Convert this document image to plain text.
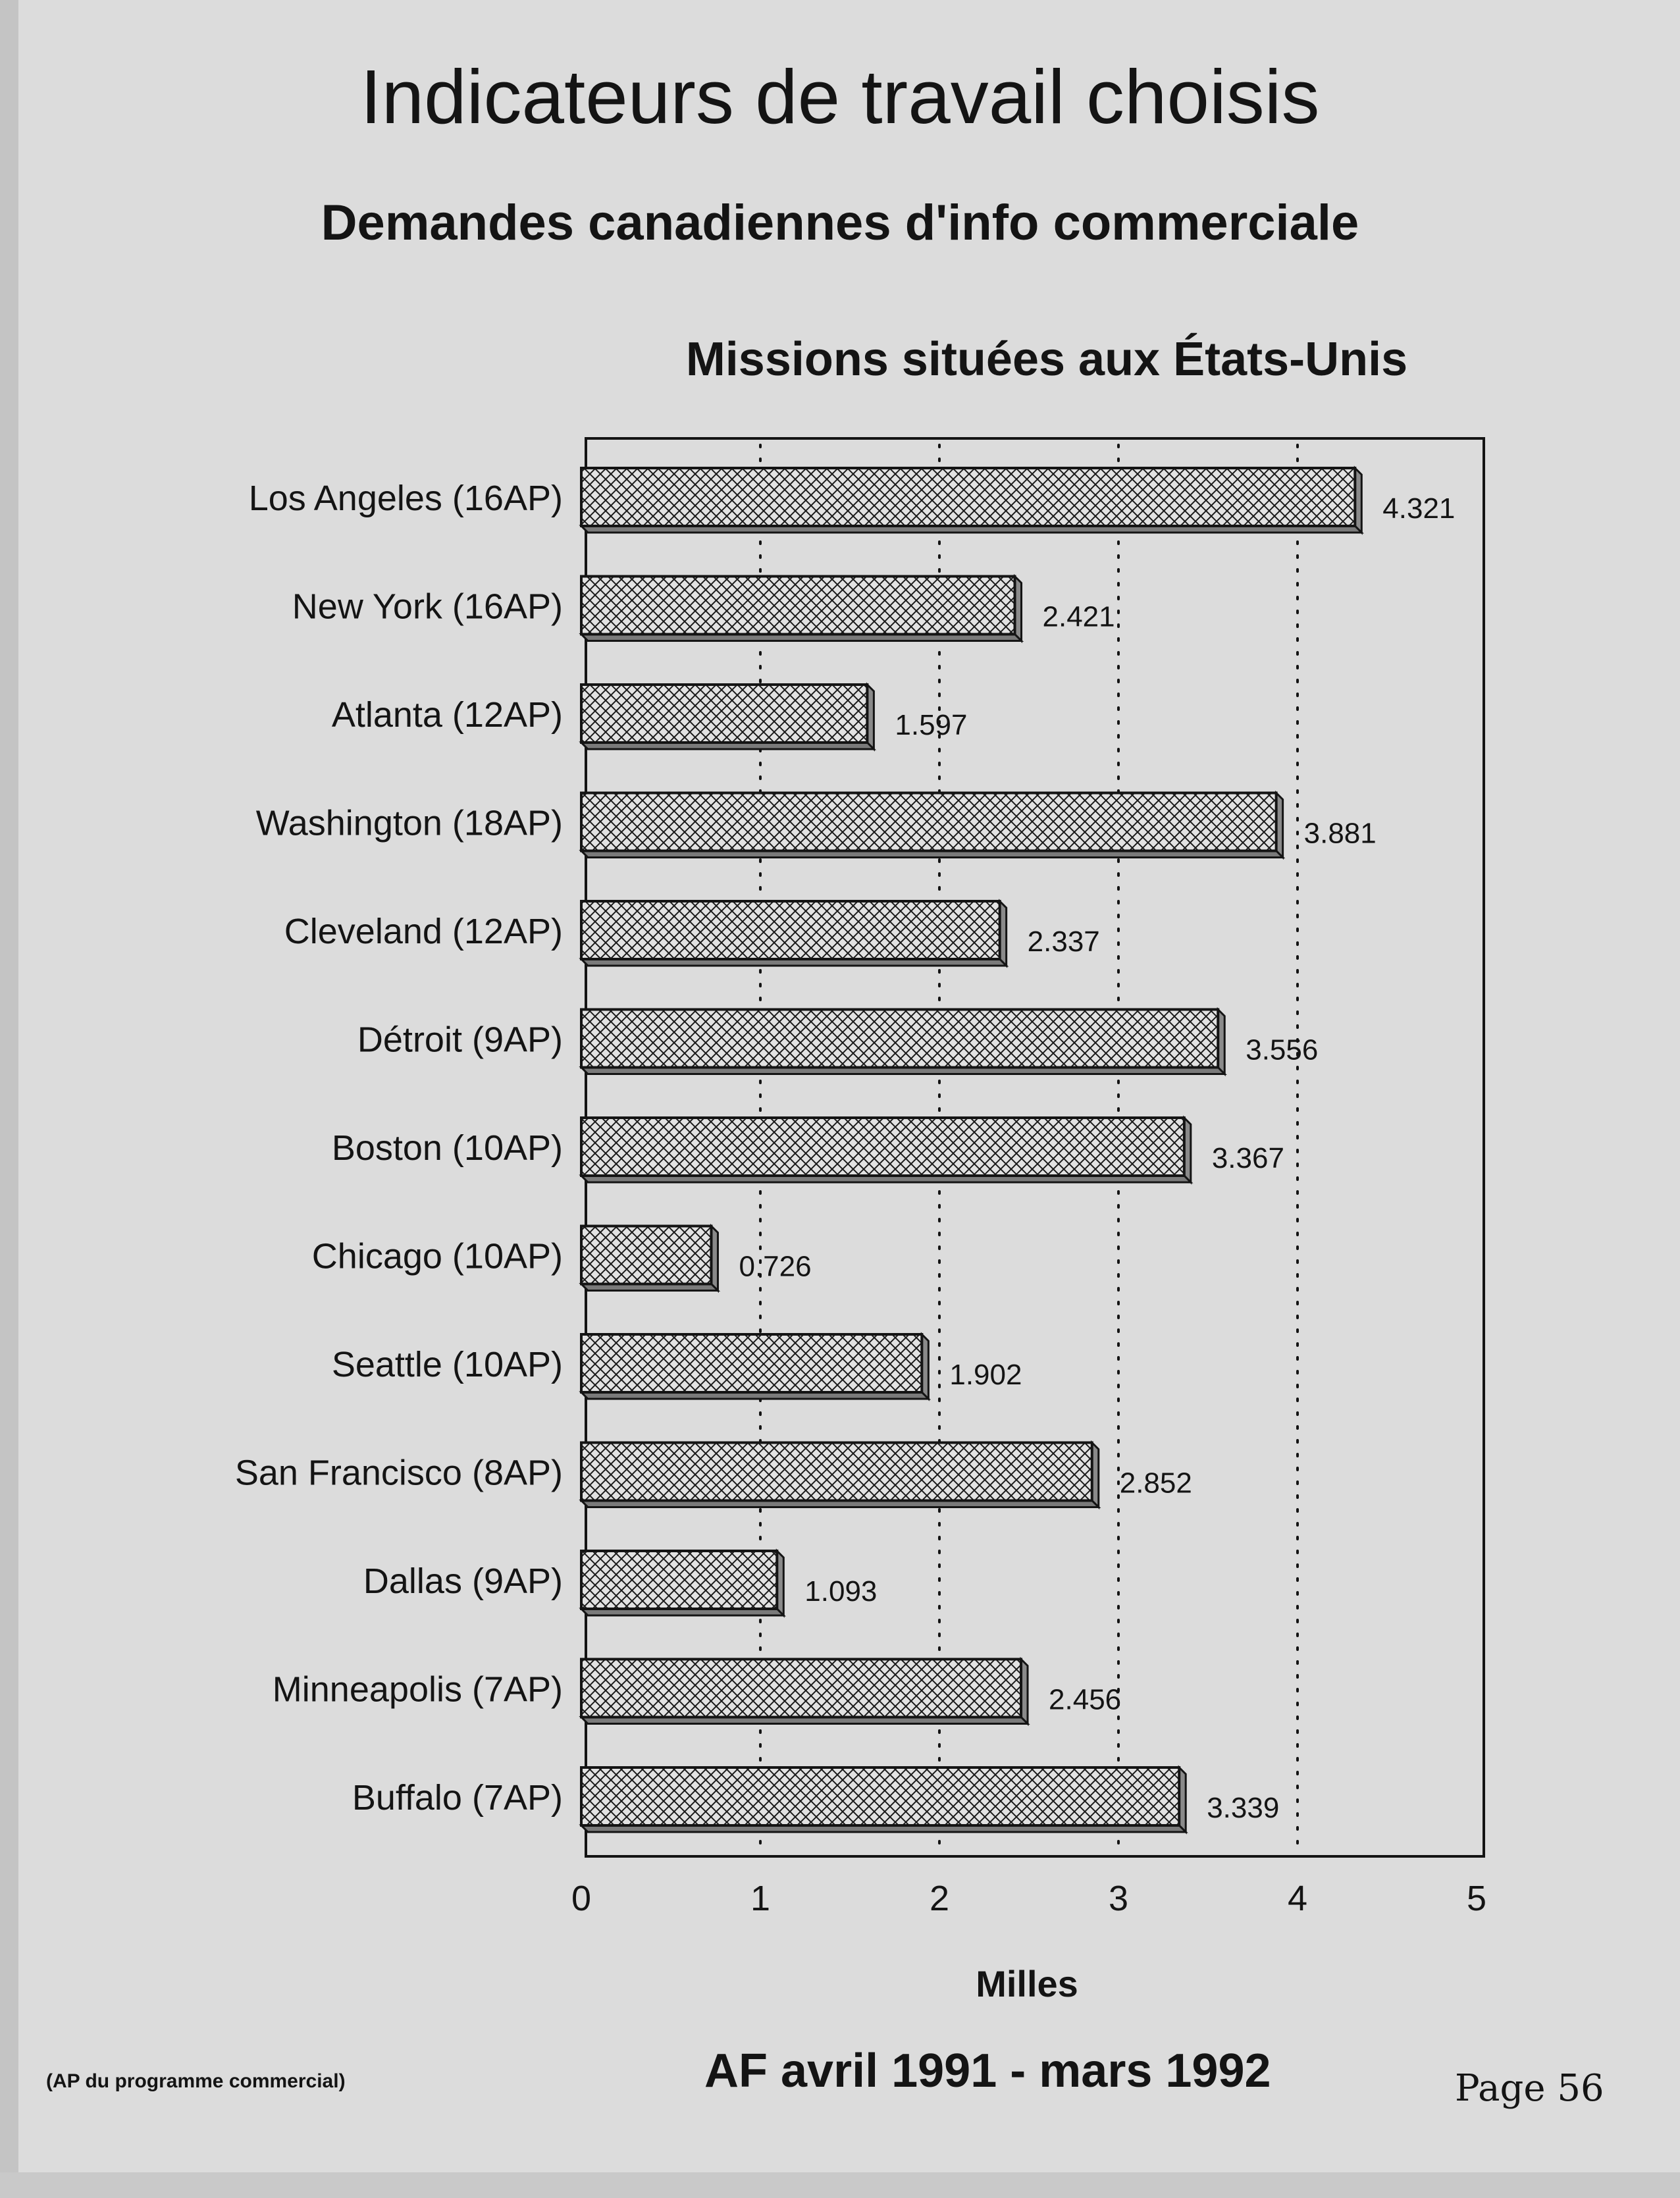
Indicateurs de travail choisis
Demandes canadiennes d'info commerciale
Missions situées aux États-Unis
Los Angeles (16AP)	4.321
New York (16AP)	2.421
Atlanta (12AP)	1.597
Washington (18AP)	3.881
Cleveland (12AP)	2.337
Détroit (9AP)	3.556
Boston (10AP)	3.367
Chicago (10AP)	0.726
Seattle (10AP)	1.902
San Francisco (8AP)	2.852
Dallas (9AP)	1.093
Minneapolis (7AP)	2.456
Buffalo (7AP)	3.339
0	1	2	3	4	5
Milles
(AP du programme commercial)	AF avril 1991 - mars 1992	Page 56
